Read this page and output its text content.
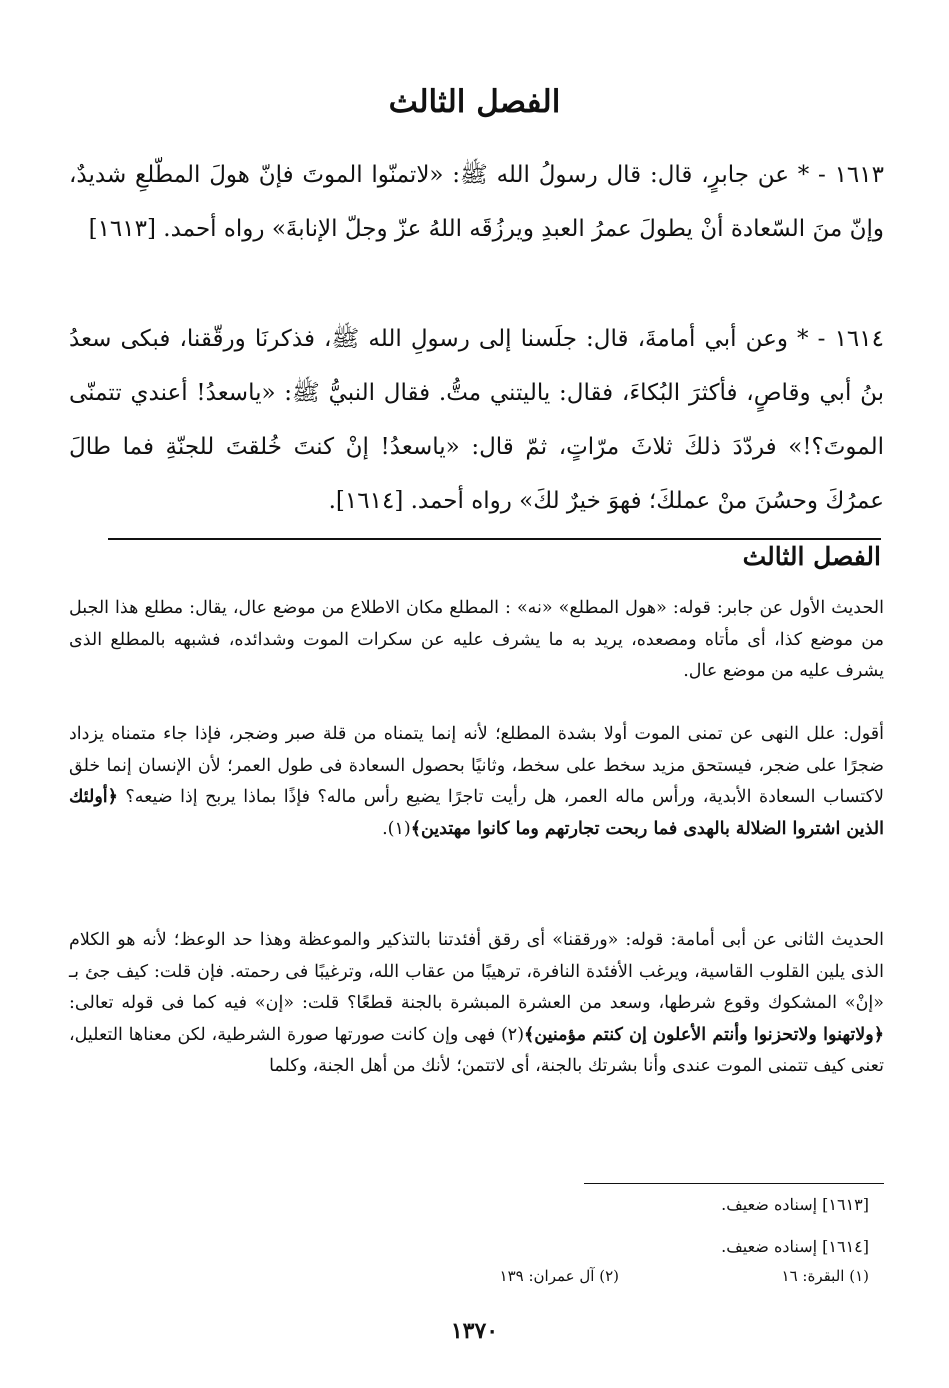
الفصل الثالث
١٦١٣ - * عن جابرٍ، قال: قال رسولُ الله ﷺ: «لاتمنّوا الموتَ فإنّ هولَ المطّلعِ شديدٌ، وإنّ منَ السّعادة أنْ يطولَ عمرُ العبدِ ويرزُقَه اللهُ عزّ وجلّ الإنابةَ» رواه أحمد. [١٦١٣]
١٦١٤ - * وعن أبي أمامةَ، قال: جلَسنا إلى رسولِ الله ﷺ، فذكرنَا ورقّقنا، فبكى سعدُ بنُ أبي وقاصٍ، فأكثرَ البُكاءَ، فقال: ياليتني متُّ. فقال النبيُّ ﷺ: «ياسعدُ! أعندي تتمنّى الموتَ؟!» فردّدَ ذلكَ ثلاثَ مرّاتٍ، ثمّ قال: «ياسعدُ! إنْ كنتَ خُلقتَ للجنّةِ فما طالَ عمرُكَ وحسُنَ منْ عملكَ؛ فهوَ خيرٌ لكَ» رواه أحمد. [١٦١٤].
الفصل الثالث
الحديث الأول عن جابر: قوله: «هول المطلع» «نه» : المطلع مكان الاطلاع من موضع عال، يقال: مطلع هذا الجبل من موضع كذا، أى مأتاه ومصعده، يريد به ما يشرف عليه عن سكرات الموت وشدائده، فشبهه بالمطلع الذى يشرف عليه من موضع عال.
أقول: علل النهى عن تمنى الموت أولا بشدة المطلع؛ لأنه إنما يتمناه من قلة صبر وضجر، فإذا جاء متمناه يزداد ضجرًا على ضجر، فيستحق مزيد سخط على سخط، وثانيًا بحصول السعادة فى طول العمر؛ لأن الإنسان إنما خلق لاكتساب السعادة الأبدية، ورأس ماله العمر، هل رأيت تاجرًا يضيع رأس ماله؟ فإذًا بماذا يربح إذا ضيعه؟ ﴿أولئك الذين اشتروا الضلالة بالهدى فما ربحت تجارتهم وما كانوا مهتدين﴾(١).
الحديث الثانى عن أبى أمامة: قوله: «ورققنا» أى رقق أفئدتنا بالتذكير والموعظة وهذا حد الوعظ؛ لأنه هو الكلام الذى يلين القلوب القاسية، ويرغب الأفئدة النافرة، ترهيبًا من عقاب الله، وترغيبًا فى رحمته. فإن قلت: كيف جئ بـ «إنْ» المشكوك وقوع شرطها، وسعد من العشرة المبشرة بالجنة قطعًا؟ قلت: «إن» فيه كما فى قوله تعالى: ﴿ولاتهنوا ولاتحزنوا وأنتم الأعلون إن كنتم مؤمنين﴾(٢) فهى وإن كانت صورتها صورة الشرطية، لكن معناها التعليل، تعنى كيف تتمنى الموت عندى وأنا بشرتك بالجنة، أى لاتتمن؛ لأنك من أهل الجنة، وكلما
[١٦١٣] إسناده ضعيف.
[١٦١٤] إسناده ضعيف.
(١) البقرة: ١٦
(٢) آل عمران: ١٣٩
١٣٧٠
